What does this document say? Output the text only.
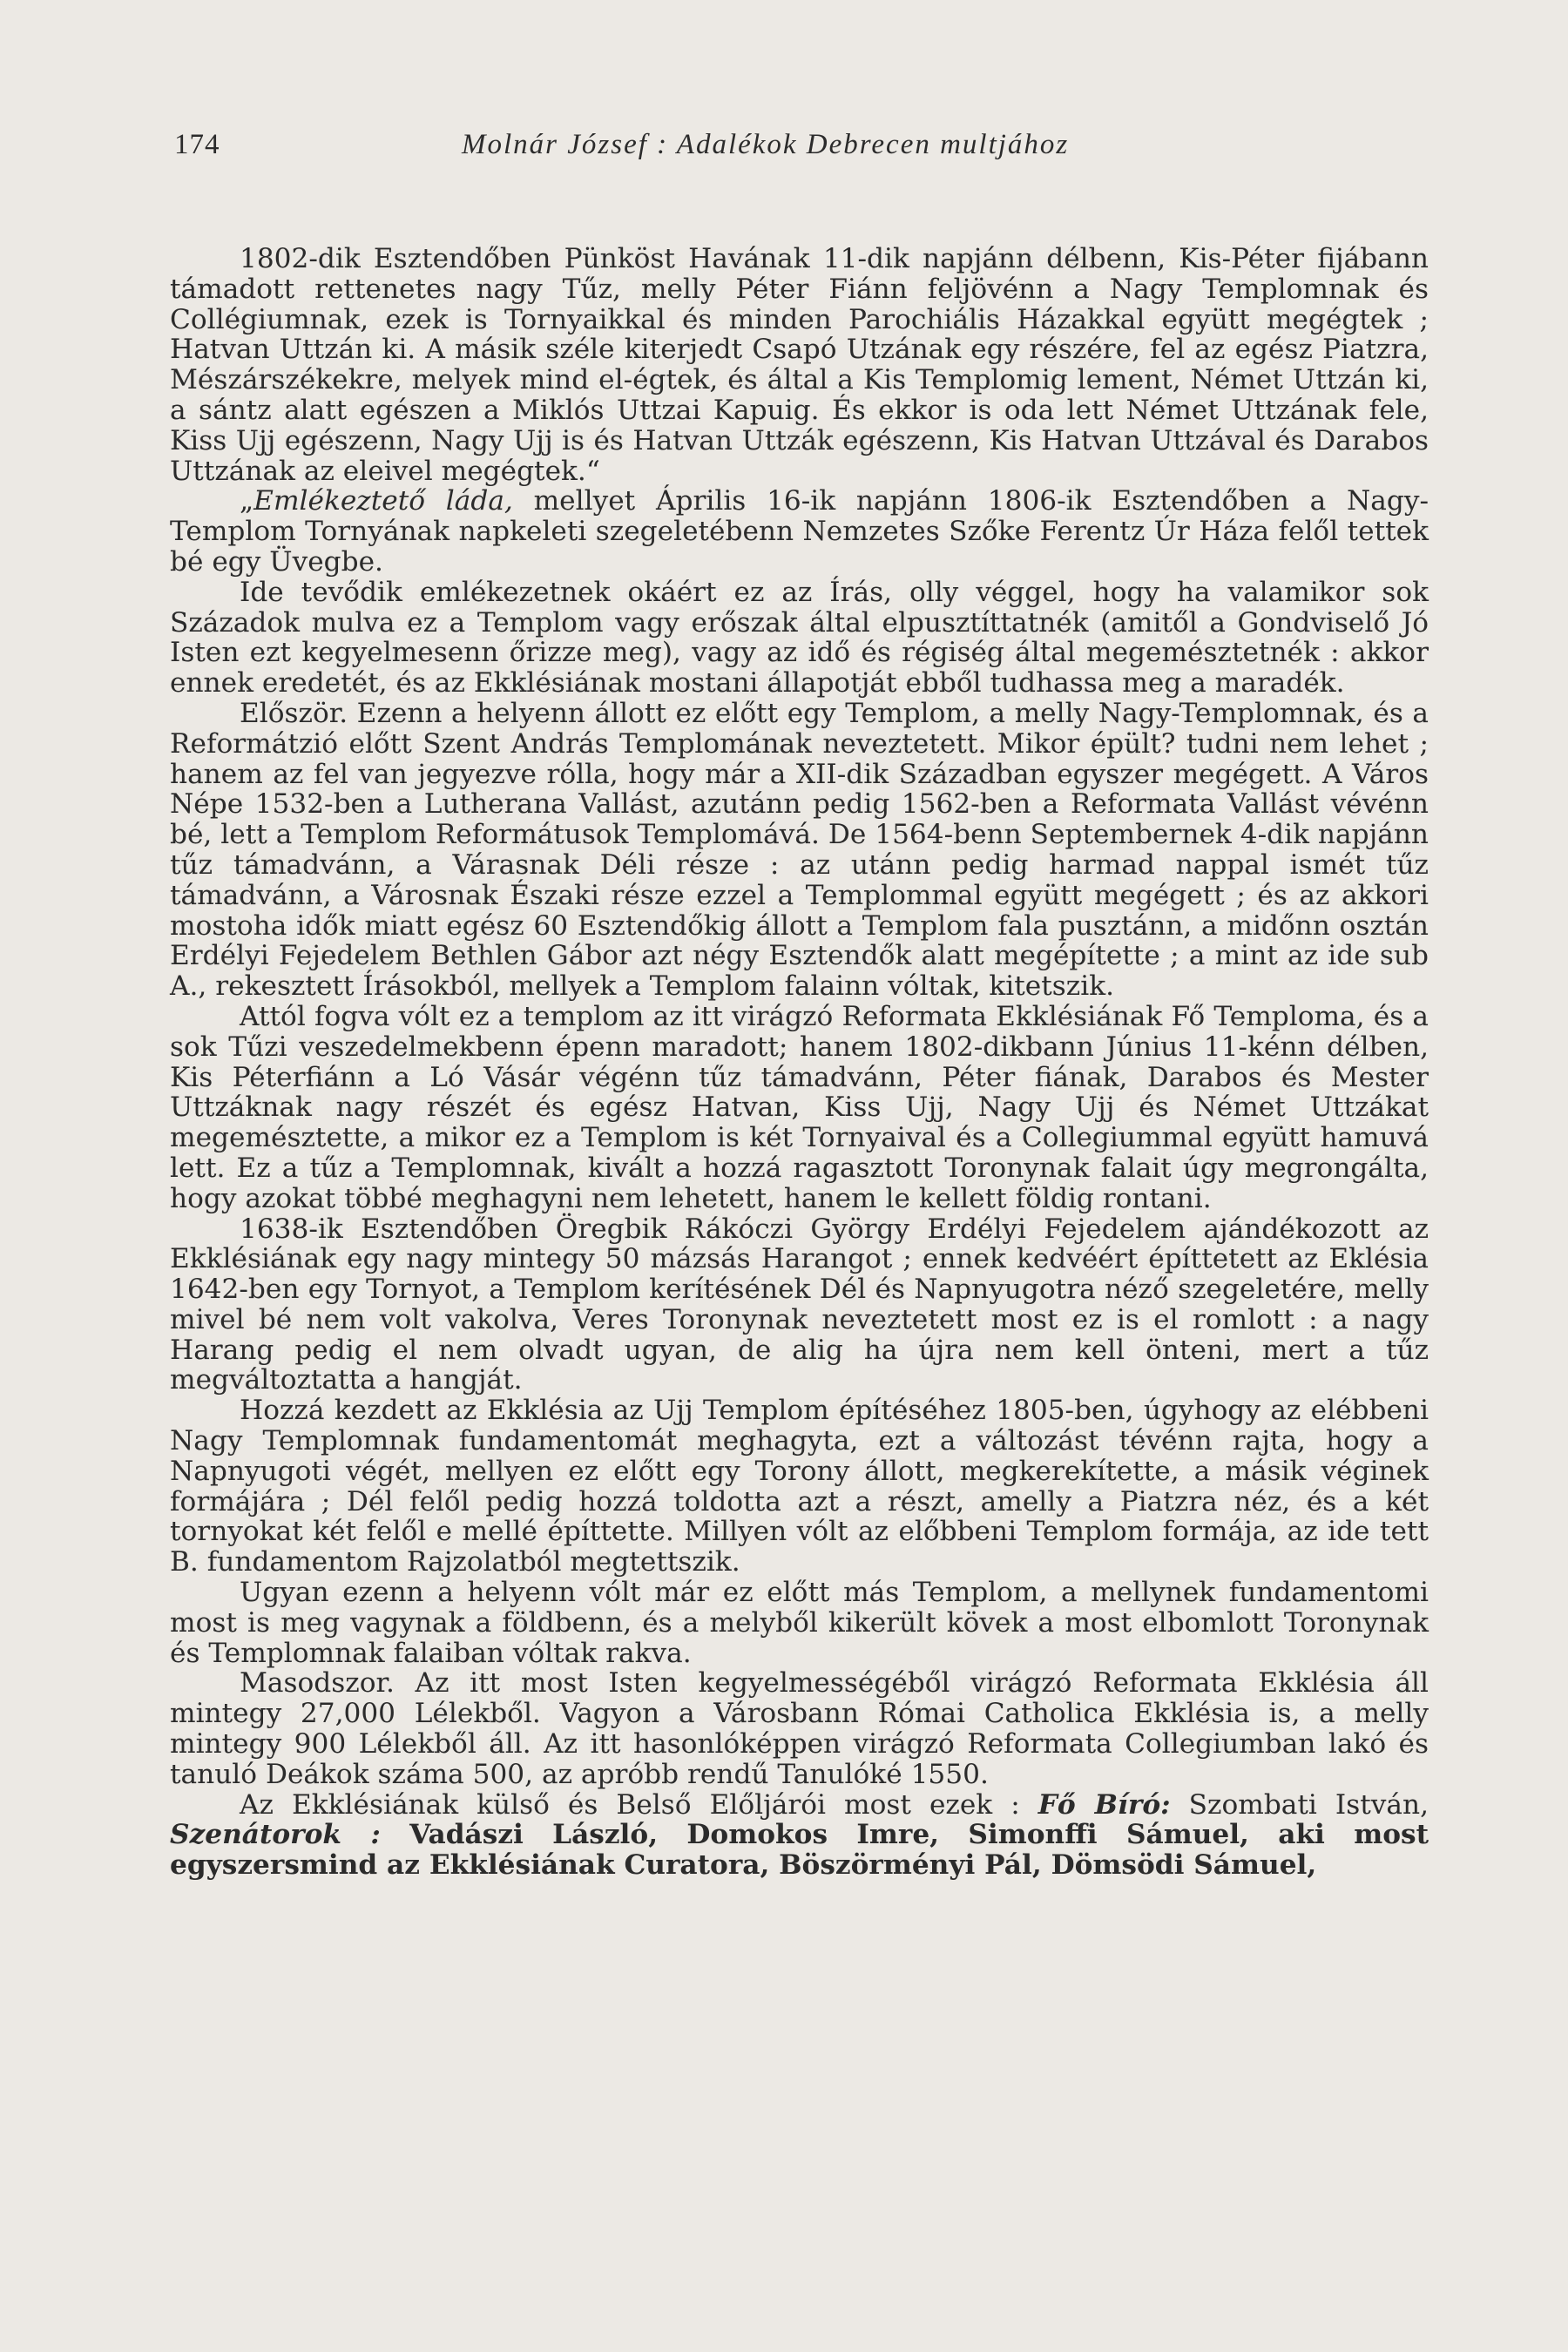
174	Molnár József : Adalékok Debrecen multjához

1802-dik Esztendőben Pünköst Havának 11-dik napjánn délbenn, Kis-Péter fijábann támadott rettenetes nagy Tűz, melly Péter Fiánn feljövénn a Nagy Templomnak és Collégiumnak, ezek is Tornyaikkal és minden Parochiális Házakkal együtt megégtek ; Hatvan Uttzán ki. A másik széle kiterjedt Csapó Utzának egy részére, fel az egész Piatzra, Mészárszékekre, melyek mind el-égtek, és által a Kis Templomig lement, Német Uttzán ki, a sántz alatt egészen a Miklós Uttzai Kapuig. És ekkor is oda lett Német Uttzának fele, Kiss Ujj egészenn, Nagy Ujj is és Hatvan Uttzák egészenn, Kis Hatvan Uttzával és Darabos Uttzának az eleivel megégtek.“

„Emlékeztető láda, mellyet Április 16-ik napjánn 1806-ik Esztendőben a Nagy-Templom Tornyának napkeleti szegeletébenn Nemzetes Szőke Ferentz Úr Háza felől tettek bé egy Üvegbe.

Ide tevődik emlékezetnek okáért ez az Írás, olly véggel, hogy ha valamikor sok Századok mulva ez a Templom vagy erőszak által elpusztíttatnék (amitől a Gondviselő Jó Isten ezt kegyelmesenn őrizze meg), vagy az idő és régiség által megemésztetnék : akkor ennek eredetét, és az Ekklésiának mostani állapotját ebből tudhassa meg a maradék.

Először. Ezenn a helyenn állott ez előtt egy Templom, a melly Nagy-Templomnak, és a Reformátzió előtt Szent András Templomának neveztetett. Mikor épült? tudni nem lehet ; hanem az fel van jegyezve rólla, hogy már a XII-dik Században egyszer megégett. A Város Népe 1532-ben a Lutherana Vallást, azutánn pedig 1562-ben a Reformata Vallást vévénn bé, lett a Templom Reformátusok Templomává. De 1564-benn Septembernek 4-dik napjánn tűz támadvánn, a Várasnak Déli része : az utánn pedig harmad nappal ismét tűz támadvánn, a Városnak Északi része ezzel a Templommal együtt megégett ; és az akkori mostoha idők miatt egész 60 Esztendőkig állott a Templom fala pusztánn, a midőnn osztán Erdélyi Fejedelem Bethlen Gábor azt négy Esztendők alatt megépítette ; a mint az ide sub A., rekesztett Írásokból, mellyek a Templom falainn vóltak, kitetszik.

Attól fogva vólt ez a templom az itt virágzó Reformata Ekklésiának Fő Temploma, és a sok Tűzi veszedelmekbenn épenn maradott; hanem 1802-dikbann Június 11-kénn délben, Kis Péterfiánn a Ló Vásár végénn tűz támadvánn, Péter fiának, Darabos és Mester Uttzáknak nagy részét és egész Hatvan, Kiss Ujj, Nagy Ujj és Német Uttzákat megemésztette, a mikor ez a Templom is két Tornyaival és a Collegiummal együtt hamuvá lett. Ez a tűz a Templomnak, kivált a hozzá ragasztott Toronynak falait úgy megrongálta, hogy azokat többé meghagyni nem lehetett, hanem le kellett földig rontani.

1638-ik Esztendőben Öregbik Rákóczi György Erdélyi Fejedelem ajándékozott az Ekklésiának egy nagy mintegy 50 mázsás Harangot ; ennek kedvéért építtetett az Eklésia 1642-ben egy Tornyot, a Templom kerítésének Dél és Napnyugotra néző szegeletére, melly mivel bé nem volt vakolva, Veres Toronynak neveztetett most ez is el romlott : a nagy Harang pedig el nem olvadt ugyan, de alig ha újra nem kell önteni, mert a tűz megváltoztatta a hangját.

Hozzá kezdett az Ekklésia az Ujj Templom építéséhez 1805-ben, úgyhogy az elébbeni Nagy Templomnak fundamentomát meghagyta, ezt a változást tévénn rajta, hogy a Napnyugoti végét, mellyen ez előtt egy Torony állott, megkerekítette, a másik véginek formájára ; Dél felől pedig hozzá toldotta azt a részt, amelly a Piatzra néz, és a két tornyokat két felől e mellé építtette. Millyen vólt az előbbeni Templom formája, az ide tett B. fundamentom Rajzolatból megtettszik.

Ugyan ezenn a helyenn vólt már ez előtt más Templom, a mellynek fundamentomi most is meg vagynak a földbenn, és a melyből kikerült kövek a most elbomlott Toronynak és Templomnak falaiban vóltak rakva.

Masodszor. Az itt most Isten kegyelmességéből virágzó Reformata Ekklésia áll mintegy 27,000 Lélekből. Vagyon a Városbann Római Catholica Ekklésia is, a melly mintegy 900 Lélekből áll. Az itt hasonlóképpen virágzó Reformata Collegiumban lakó és tanuló Deákok száma 500, az apróbb rendű Tanulóké 1550.

Az Ekklésiának külső és Belső Előljárói most ezek : Fő Bíró: Szombati István, Szenátorok : Vadászi László, Domokos Imre, Simonffi Sámuel, aki most egyszersmind az Ekklésiának Curatora, Böszörményi Pál, Dömsödi Sámuel,
